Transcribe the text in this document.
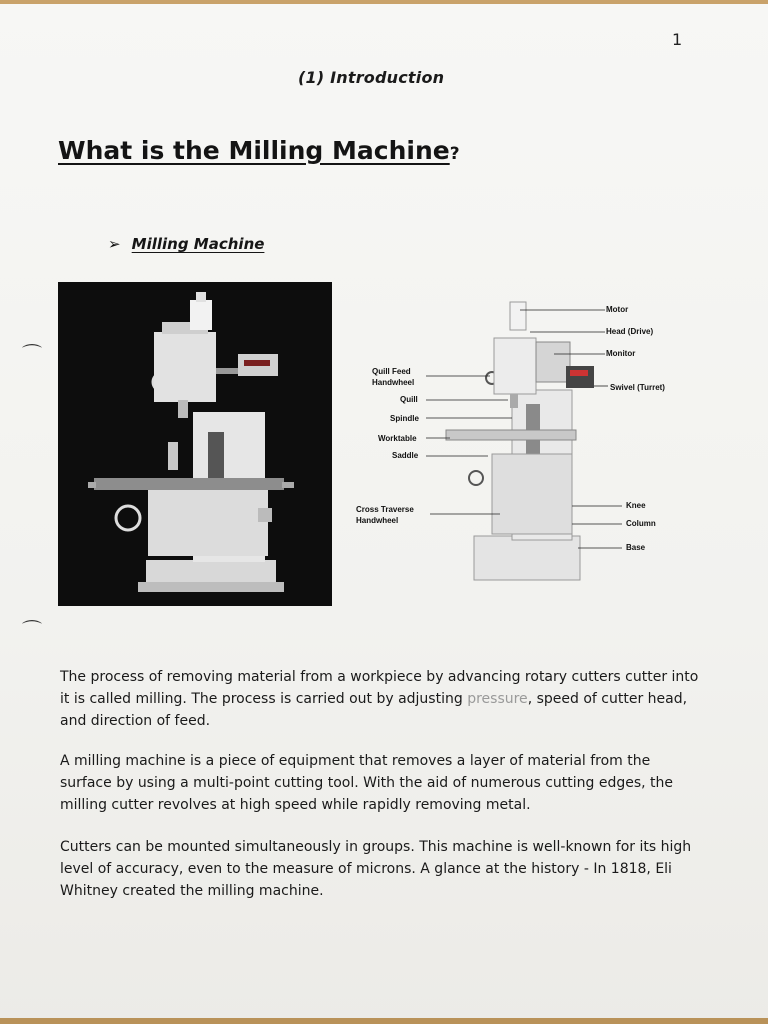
1
(1) Introduction
What is the Milling Machine?
➢ Milling Machine
Motor
Head (Drive)
Monitor
Swivel (Turret)
Knee
Column
Base
Quill Feed
Handwheel
Quill
Spindle
Worktable
Saddle
Cross Traverse
Handwheel
⌒
⌒

The process of removing material from a workpiece by advancing rotary cutters cutter into it is called milling. The process is carried out by adjusting pressure, speed of cutter head, and direction of feed.

A milling machine is a piece of equipment that removes a layer of material from the surface by using a multi-point cutting tool. With the aid of numerous cutting edges, the milling cutter revolves at high speed while rapidly removing metal.

Cutters can be mounted simultaneously in groups. This machine is well-known for its high level of accuracy, even to the measure of microns. A glance at the history - In 1818, Eli Whitney created the milling machine.
